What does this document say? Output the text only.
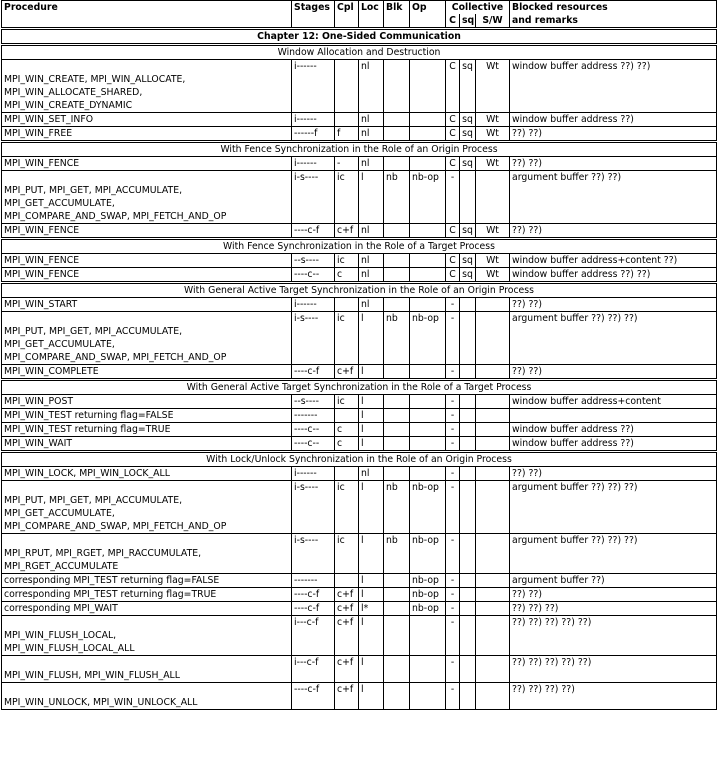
Procedure	Stages	Cpl	Loc	Blk	Op	Collective			Blocked resources
						C	sq	S/W	and remarks
Chapter 12: One-Sided Communication									
Window Allocation and Destruction									

MPI_WIN_CREATE, MPI_WIN_ALLOCATE,
MPI_WIN_ALLOCATE_SHARED,
MPI_WIN_CREATE_DYNAMIC	i------		nl			C	sq	Wt	window buffer address ??) ??)

MPI_WIN_SET_INFO	i------		nl			C	sq	Wt	window buffer address ??)

MPI_WIN_FREE	------f	f	nl			C	sq	Wt	??) ??)
With Fence Synchronization in the Role of an Origin Process									

MPI_WIN_FENCE	i------	-	nl			C	sq	Wt	??) ??)

MPI_PUT, MPI_GET, MPI_ACCUMULATE,
MPI_GET_ACCUMULATE,
MPI_COMPARE_AND_SWAP, MPI_FETCH_AND_OP	i-s----	ic	l	nb	nb-op	-			argument buffer ??) ??)

MPI_WIN_FENCE	----c-f	c+f	nl			C	sq	Wt	??) ??)
With Fence Synchronization in the Role of a Target Process									

MPI_WIN_FENCE	--s----	ic	nl			C	sq	Wt	window buffer address+content ??)

MPI_WIN_FENCE	----c--	c	nl			C	sq	Wt	window buffer address ??) ??)
With General Active Target Synchronization in the Role of an Origin Process									

MPI_WIN_START	i------		nl			-			??) ??)

MPI_PUT, MPI_GET, MPI_ACCUMULATE,
MPI_GET_ACCUMULATE,
MPI_COMPARE_AND_SWAP, MPI_FETCH_AND_OP	i-s----	ic	l	nb	nb-op	-			argument buffer ??) ??) ??)

MPI_WIN_COMPLETE	----c-f	c+f	l			-			??) ??)
With General Active Target Synchronization in the Role of a Target Process									

MPI_WIN_POST	--s----	ic	l			-			window buffer address+content

MPI_WIN_TEST returning flag=FALSE	-------		l			-			

MPI_WIN_TEST returning flag=TRUE	----c--	c	l			-			window buffer address ??)

MPI_WIN_WAIT	----c--	c	l			-			window buffer address ??)
With Lock/Unlock Synchronization in the Role of an Origin Process									

MPI_WIN_LOCK, MPI_WIN_LOCK_ALL	i------		nl			-			??) ??)

MPI_PUT, MPI_GET, MPI_ACCUMULATE,
MPI_GET_ACCUMULATE,
MPI_COMPARE_AND_SWAP, MPI_FETCH_AND_OP	i-s----	ic	l	nb	nb-op	-			argument buffer ??) ??) ??)

MPI_RPUT, MPI_RGET, MPI_RACCUMULATE,
MPI_RGET_ACCUMULATE	i-s----	ic	l	nb	nb-op	-			argument buffer ??) ??) ??)

corresponding MPI_TEST returning flag=FALSE	-------		l		nb-op	-			argument buffer ??)

corresponding MPI_TEST returning flag=TRUE	----c-f	c+f	l		nb-op	-			??) ??)

corresponding MPI_WAIT	----c-f	c+f	l*		nb-op	-			??) ??) ??)

MPI_WIN_FLUSH_LOCAL,
MPI_WIN_FLUSH_LOCAL_ALL	i---c-f	c+f	l			-			??) ??) ??) ??) ??)

MPI_WIN_FLUSH, MPI_WIN_FLUSH_ALL	i---c-f	c+f	l			-			??) ??) ??) ??) ??)

MPI_WIN_UNLOCK, MPI_WIN_UNLOCK_ALL	----c-f	c+f	l			-			??) ??) ??) ??)
